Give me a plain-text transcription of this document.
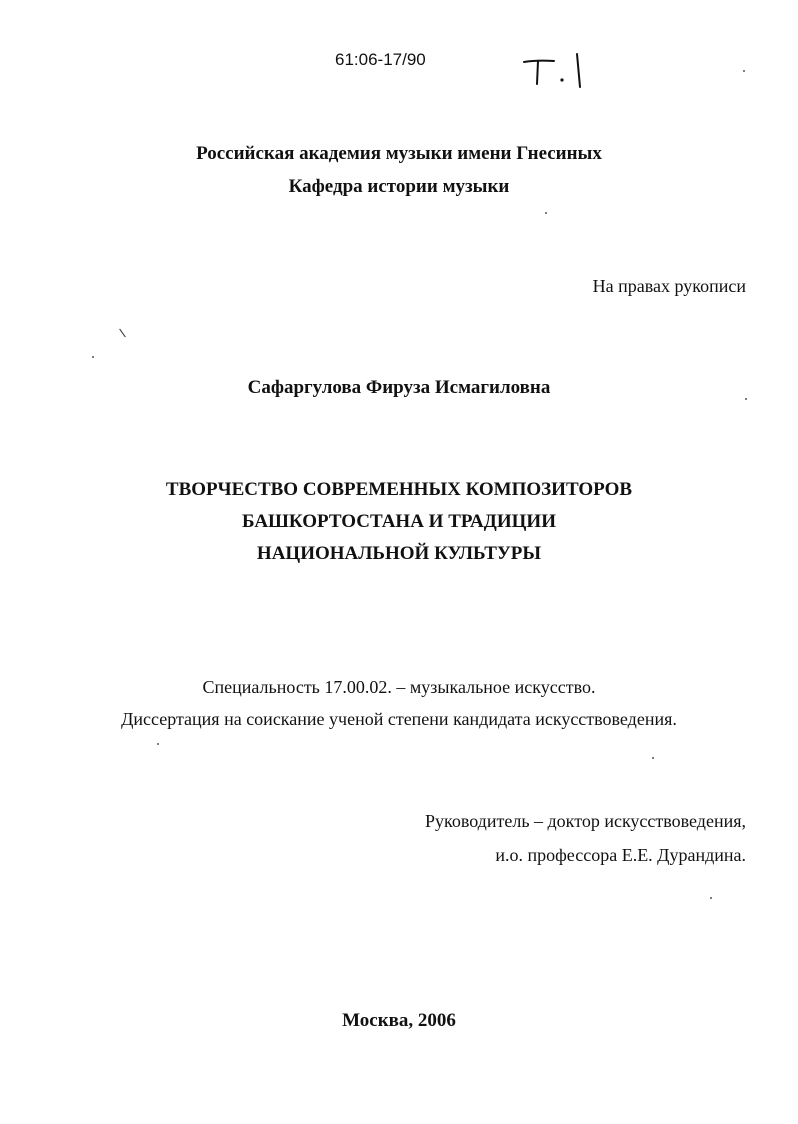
61:06-17/90
Российская академия музыки имени Гнесиных
Кафедра истории музыки
На правах рукописи
Сафаргулова Фируза Исмагиловна
ТВОРЧЕСТВО СОВРЕМЕННЫХ КОМПОЗИТОРОВ
БАШКОРТОСТАНА И ТРАДИЦИИ
НАЦИОНАЛЬНОЙ КУЛЬТУРЫ
Специальность 17.00.02. – музыкальное искусство.
Диссертация на соискание ученой степени кандидата искусствоведения.
Руководитель – доктор искусствоведения,
и.о. профессора Е.Е. Дурандина.
Москва, 2006
